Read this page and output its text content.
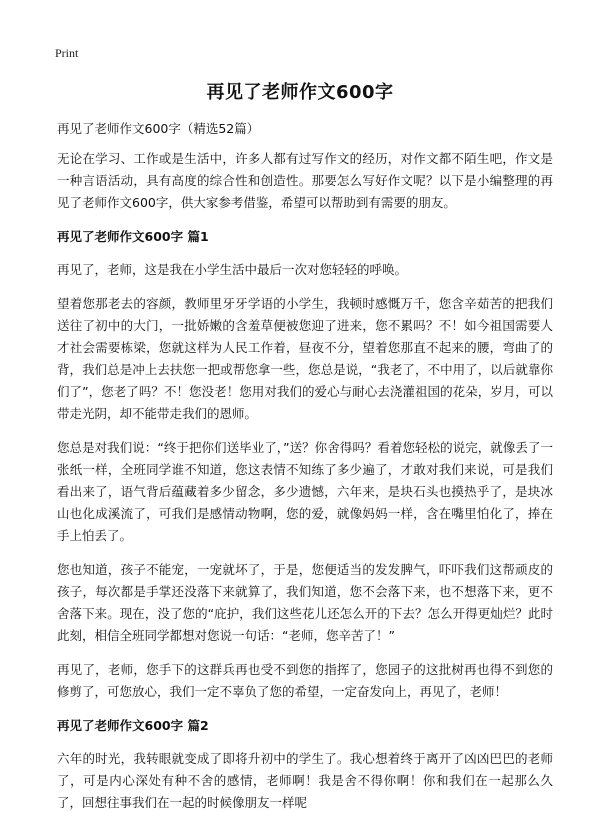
Print
再见了老师作文600字

再见了老师作文600字（精选52篇）

无论在学习、工作或是生活中，许多人都有过写作文的经历，对作文都不陌生吧，作文是一种言语活动，具有高度的综合性和创造性。那要怎么写好作文呢？以下是小编整理的再见了老师作文600字，供大家参考借鉴，希望可以帮助到有需要的朋友。

再见了老师作文600字 篇1

再见了，老师，这是我在小学生活中最后一次对您轻轻的呼唤。

望着您那老去的容颜，教师里牙牙学语的小学生，我顿时感慨万千，您含辛茹苦的把我们送往了初中的大门，一批娇嫩的含羞草便被您迎了进来，您不累吗？不！如今祖国需要人才社会需要栋梁，您就这样为人民工作着，昼夜不分，望着您那直不起来的腰，弯曲了的背，我们总是冲上去扶您一把或帮您拿一些，您总是说，“我老了，不中用了，以后就靠你们了”，您老了吗？不！您没老！您用对我们的爱心与耐心去浇灌祖国的花朵，岁月，可以带走光阴，却不能带走我们的恩师。

您总是对我们说：“终于把你们送毕业了，”送？你舍得吗？看着您轻松的说完，就像丢了一张纸一样，全班同学谁不知道，您这表情不知练了多少遍了，才敢对我们来说，可是我们看出来了，语气背后蕴藏着多少留念，多少遗憾，六年来，是块石头也摸热乎了，是块冰山也化成溪流了，可我们是感情动物啊，您的爱，就像妈妈一样，含在嘴里怕化了，捧在手上怕丢了。

您也知道，孩子不能宠，一宠就坏了，于是，您便适当的发发脾气，吓吓我们这帮顽皮的孩子，每次都是手掌还没落下来就算了，我们知道，您不会落下来，也不想落下来，更不舍落下来。现在，没了您的“庇护，我们这些花儿还怎么开的下去？怎么开得更灿烂？此时此刻，相信全班同学都想对您说一句话：“老师，您辛苦了！”

再见了，老师，您手下的这群兵再也受不到您的指挥了，您园子的这批树再也得不到您的修剪了，可您放心，我们一定不辜负了您的希望，一定奋发向上，再见了，老师！

再见了老师作文600字 篇2

六年的时光，我转眼就变成了即将升初中的学生了。我心想着终于离开了凶凶巴巴的老师了，可是内心深处有种不舍的感情，老师啊！我是舍不得你啊！你和我们在一起那么久了，回想往事我们在一起的时候像朋友一样呢
